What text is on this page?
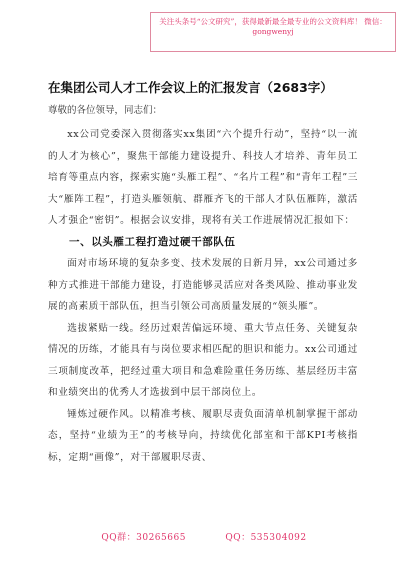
关注头条号“公文研究”，获得最新最全最专业的公文资料库！ 微信：gongwenyj
在集团公司人才工作会议上的汇报发言（2683字）
尊敬的各位领导，同志们：

xx公司党委深入贯彻落实xx集团“六个提升行动”，坚持“以一流的人才为核心”，聚焦干部能力建设提升、科技人才培养、青年员工培育等重点内容，探索实施“头雁工程”、“名片工程”和“青年工程”三大“雁阵工程”，打造头雁领航、群雁齐飞的干部人才队伍雁阵，激活人才强企“密钥”。根据会议安排，现将有关工作进展情况汇报如下：

一、以头雁工程打造过硬干部队伍

面对市场环境的复杂多变、技术发展的日新月异，xx公司通过多种方式推进干部能力建设，打造能够灵活应对各类风险、推动事业发展的高素质干部队伍，担当引领公司高质量发展的“领头雁”。

选拔紧贴一线。经历过艰苦偏远环境、重大节点任务、关键复杂情况的历练，才能具有与岗位要求相匹配的胆识和能力。xx公司通过三项制度改革，把经过重大项目和急难险重任务历练、基层经历丰富和业绩突出的优秀人才选拔到中层干部岗位上。

锤炼过硬作风。以精准考核、履职尽责负面清单机制掌握干部动态，坚持“业绩为王”的考核导向，持续优化部室和干部KPI考核指标，定期“画像”，对干部履职尽责、

QQ群：30265665	QQ：535304092
